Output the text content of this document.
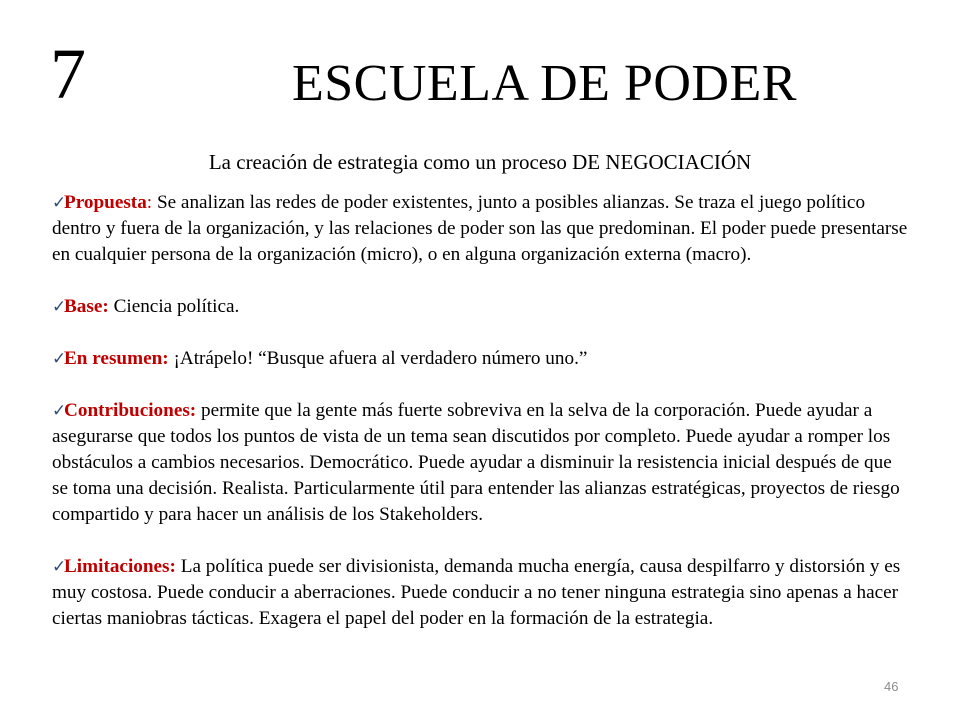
7	ESCUELA DE PODER
La creación de estrategia como un proceso DE NEGOCIACIÓN

✓Propuesta: Se analizan las redes de poder existentes, junto a posibles alianzas. Se traza el juego político dentro y fuera de la organización, y las relaciones de poder son las que predominan. El poder puede presentarse en cualquier persona de la organización (micro), o en alguna organización externa (macro).

✓Base: Ciencia política.

✓En resumen: ¡Atrápelo! “Busque afuera al verdadero número uno.”

✓Contribuciones: permite que la gente más fuerte sobreviva en la selva de la corporación. Puede ayudar a asegurarse que todos los puntos de vista de un tema sean discutidos por completo. Puede ayudar a romper los obstáculos a cambios necesarios. Democrático. Puede ayudar a disminuir la resistencia inicial después de que se toma una decisión. Realista. Particularmente útil para entender las alianzas estratégicas, proyectos de riesgo compartido y para hacer un análisis de los Stakeholders.

✓Limitaciones: La política puede ser divisionista, demanda mucha energía, causa despilfarro y distorsión y es muy costosa. Puede conducir a aberraciones. Puede conducir a no tener ninguna estrategia sino apenas a hacer ciertas maniobras tácticas. Exagera el papel del poder en la formación de la estrategia.

46
